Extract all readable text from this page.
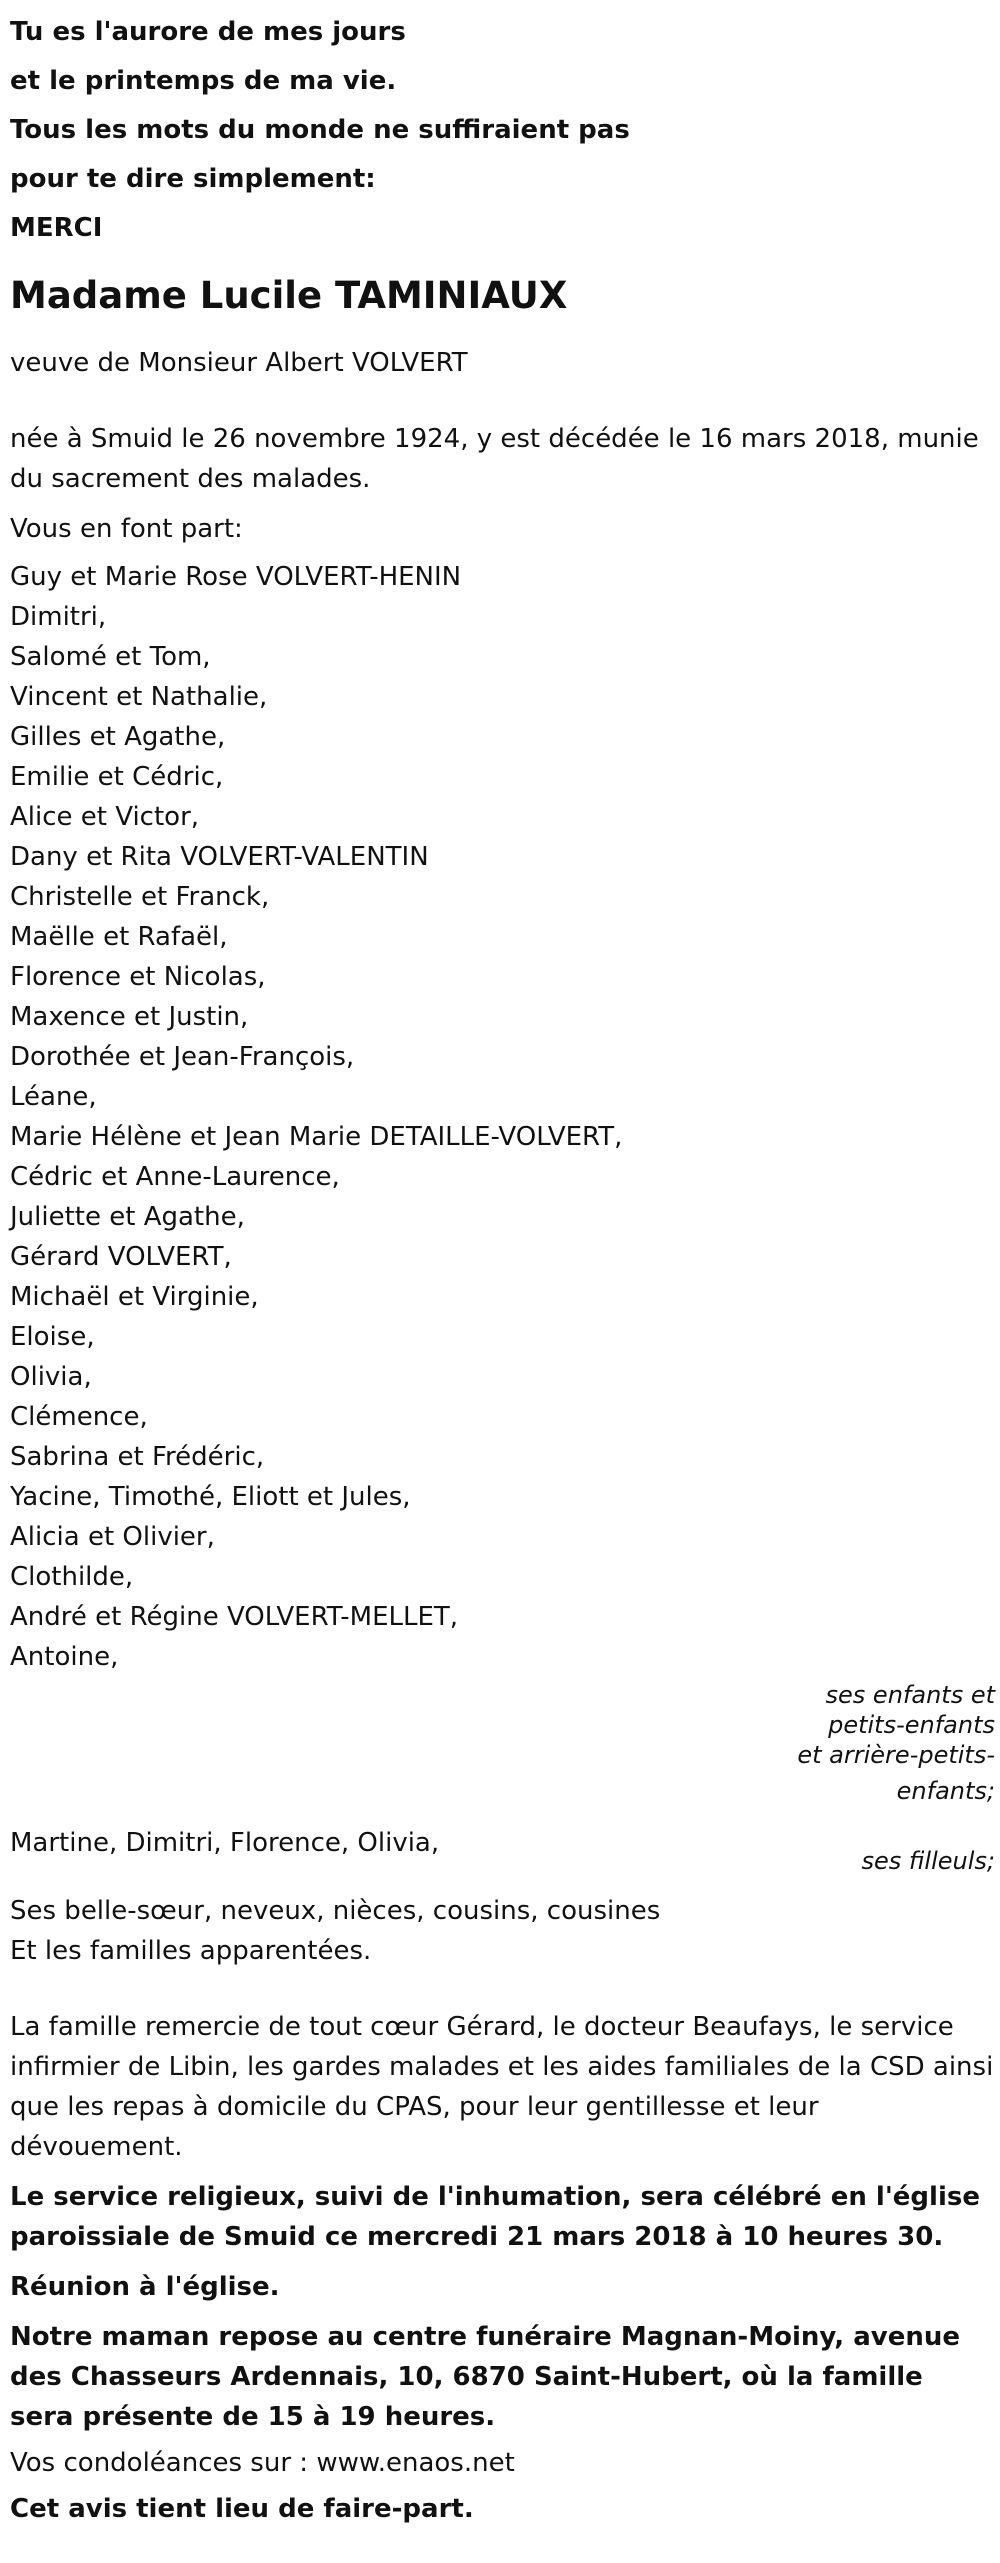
Tu es l'aurore de mes jours
et le printemps de ma vie.
Tous les mots du monde ne suffiraient pas
pour te dire simplement:
MERCI
Madame Lucile TAMINIAUX
veuve de Monsieur Albert VOLVERT
née à Smuid le 26 novembre 1924, y est décédée le 16 mars 2018, munie du sacrement des malades.
Vous en font part:
Guy et Marie Rose VOLVERT-HENIN
Dimitri,
Salomé et Tom,
Vincent et Nathalie,
Gilles et Agathe,
Emilie et Cédric,
Alice et Victor,
Dany et Rita VOLVERT-VALENTIN
Christelle et Franck,
Maëlle et Rafaël,
Florence et Nicolas,
Maxence et Justin,
Dorothée et Jean-François,
Léane,
Marie Hélène et Jean Marie DETAILLE-VOLVERT,
Cédric et Anne-Laurence,
Juliette et Agathe,
Gérard VOLVERT,
Michaël et Virginie,
Eloise,
Olivia,
Clémence,
Sabrina et Frédéric,
Yacine, Timothé, Eliott et Jules,
Alicia et Olivier,
Clothilde,
André et Régine VOLVERT-MELLET,
Antoine,
ses enfants et
petits-enfants
et arrière-petits-
enfants;
Martine, Dimitri, Florence, Olivia,
ses filleuls;
Ses belle-sœur, neveux, nièces, cousins, cousines
Et les familles apparentées.
La famille remercie de tout cœur Gérard, le docteur Beaufays, le service infirmier de Libin, les gardes malades et les aides familiales de la CSD ainsi que les repas à domicile du CPAS, pour leur gentillesse et leur dévouement.
Le service religieux, suivi de l'inhumation, sera célébré en l'église paroissiale de Smuid ce mercredi 21 mars 2018 à 10 heures 30.
Réunion à l'église.
Notre maman repose au centre funéraire Magnan-Moiny, avenue des Chasseurs Ardennais, 10, 6870 Saint-Hubert, où la famille sera présente de 15 à 19 heures.
Vos condoléances sur : www.enaos.net
Cet avis tient lieu de faire-part.
